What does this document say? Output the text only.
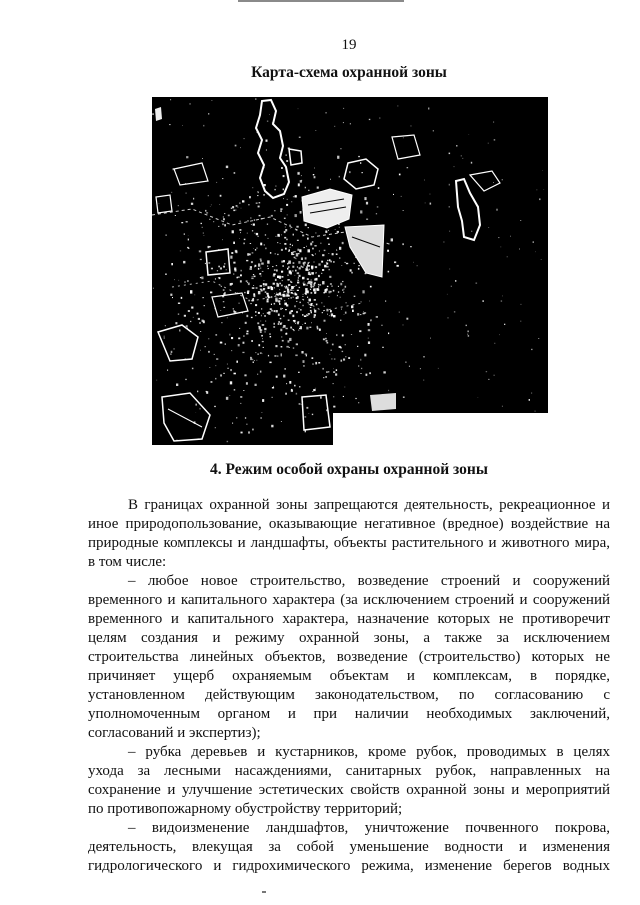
19
Карта-схема охранной зоны
4. Режим особой охраны охранной зоны
В границах охранной зоны запрещаются деятельность, рекреационное и
иное природопользование, оказывающие негативное (вредное) воздействие на
природные комплексы и ландшафты, объекты растительного и животного мира,
в том числе:
– любое новое строительство, возведение строений и сооружений
временного и капитального характера (за исключением строений и сооружений
временного и капитального характера, назначение которых не противоречит
целям создания и режиму охранной зоны, а также за исключением
строительства линейных объектов, возведение (строительство) которых не
причиняет ущерб охраняемым объектам и комплексам, в порядке,
установленном действующим законодательством, по согласованию с
уполномоченным органом и при наличии необходимых заключений,
согласований и экспертиз);
– рубка деревьев и кустарников, кроме рубок, проводимых в целях
ухода за лесными насаждениями, санитарных рубок, направленных на
сохранение и улучшение эстетических свойств охранной зоны и мероприятий
по противопожарному обустройству территорий;
– видоизменение ландшафтов, уничтожение почвенного покрова,
деятельность, влекущая за собой уменьшение водности и изменения
гидрологического и гидрохимического режима, изменение берегов водных
